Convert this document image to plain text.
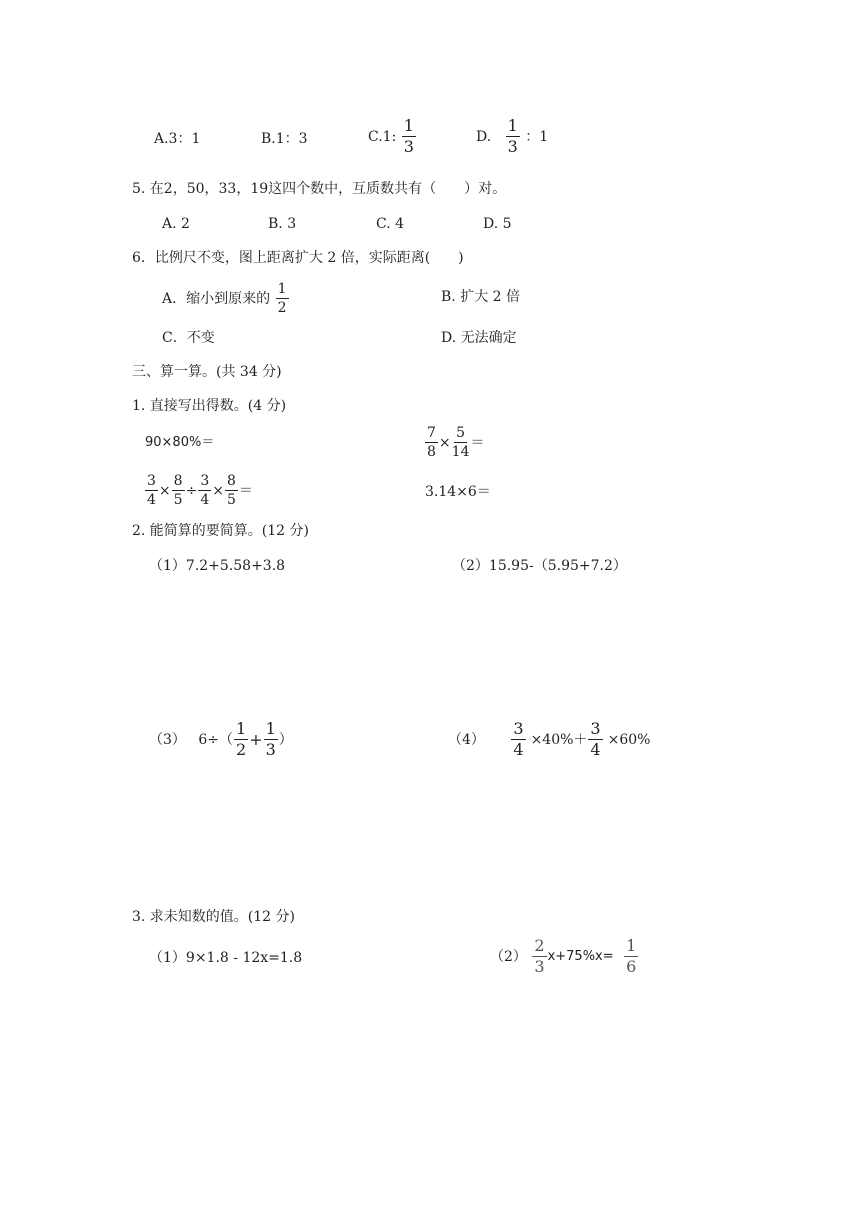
A.3：1	B.1：3	C.1: $\frac{1}{3}$	D. $\frac{1}{3}$ ：1
5. 在2，50，33，19这四个数中，互质数共有（　　）对。
A. 2	B. 3	C. 4	D. 5
6．比例尺不变，图上距离扩大 2 倍，实际距离(　　)
A．缩小到原来的 $\frac{1}{2}$	B. 扩大 2 倍
C．不变	D. 无法确定
三、算一算。(共 34 分)
1. 直接写出得数。(4 分)
90×80%＝	$\frac{7}{8} \times \frac{5}{14}$ ＝
$\frac{3}{4} \times \frac{8}{5} \div \frac{3}{4} \times \frac{8}{5}$ ＝	3.14×6＝
2. 能简算的要简算。(12 分)
（1）7.2+5.58+3.8	（2）15.95-（5.95+7.2）
（3） $6\div( \frac{1}{2} + \frac{1}{3}$ ）	$(4) \frac{3}{4} \times 40\%+ \frac{3}{4} \times 60\%$
3. 求未知数的值。(12 分)
（1）9×1.8 - 12x=1.8	$(2) \frac{2}{3} x+75\%x= \frac{1}{6}$
